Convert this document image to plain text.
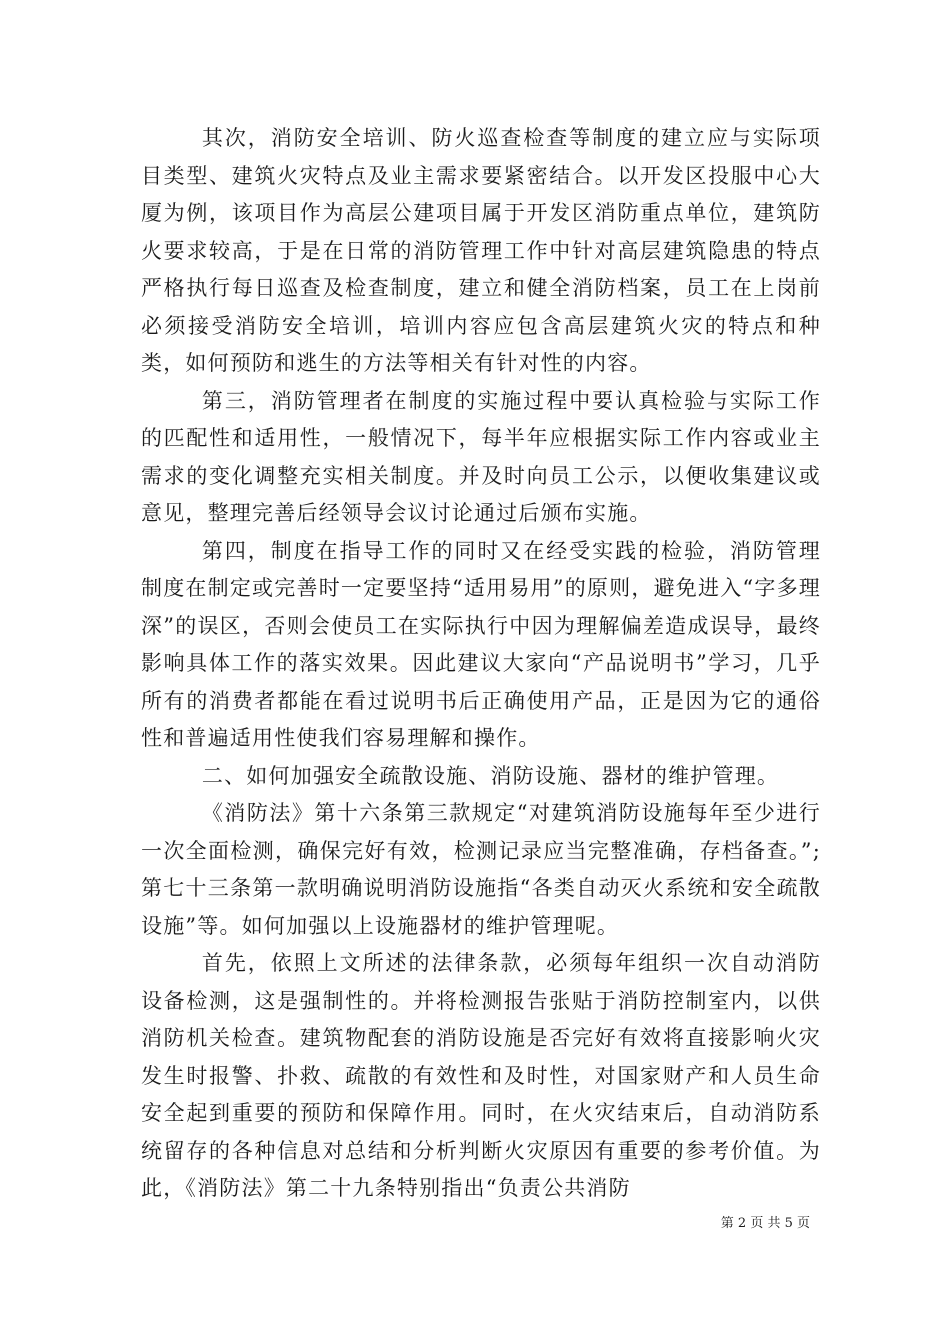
其次，消防安全培训、防火巡查检查等制度的建立应与实际项目类型、建筑火灾特点及业主需求要紧密结合。以开发区投服中心大厦为例，该项目作为高层公建项目属于开发区消防重点单位，建筑防火要求较高，于是在日常的消防管理工作中针对高层建筑隐患的特点严格执行每日巡查及检查制度，建立和健全消防档案，员工在上岗前必须接受消防安全培训，培训内容应包含高层建筑火灾的特点和种类，如何预防和逃生的方法等相关有针对性的内容。

第三，消防管理者在制度的实施过程中要认真检验与实际工作的匹配性和适用性，一般情况下，每半年应根据实际工作内容或业主需求的变化调整充实相关制度。并及时向员工公示，以便收集建议或意见，整理完善后经领导会议讨论通过后颁布实施。

第四，制度在指导工作的同时又在经受实践的检验，消防管理制度在制定或完善时一定要坚持“适用易用”的原则，避免进入“字多理深”的误区，否则会使员工在实际执行中因为理解偏差造成误导，最终影响具体工作的落实效果。因此建议大家向“产品说明书”学习，几乎所有的消费者都能在看过说明书后正确使用产品，正是因为它的通俗性和普遍适用性使我们容易理解和操作。

二、如何加强安全疏散设施、消防设施、器材的维护管理。

《消防法》第十六条第三款规定“对建筑消防设施每年至少进行一次全面检测，确保完好有效，检测记录应当完整准确，存档备查。”;第七十三条第一款明确说明消防设施指“各类自动灭火系统和安全疏散设施”等。如何加强以上设施器材的维护管理呢。

首先，依照上文所述的法律条款，必须每年组织一次自动消防设备检测，这是强制性的。并将检测报告张贴于消防控制室内，以供消防机关检查。建筑物配套的消防设施是否完好有效将直接影响火灾发生时报警、扑救、疏散的有效性和及时性，对国家财产和人员生命安全起到重要的预防和保障作用。同时，在火灾结束后，自动消防系统留存的各种信息对总结和分析判断火灾原因有重要的参考价值。为此，《消防法》第二十九条特别指出“负责公共消防

第 2 页 共 5 页
